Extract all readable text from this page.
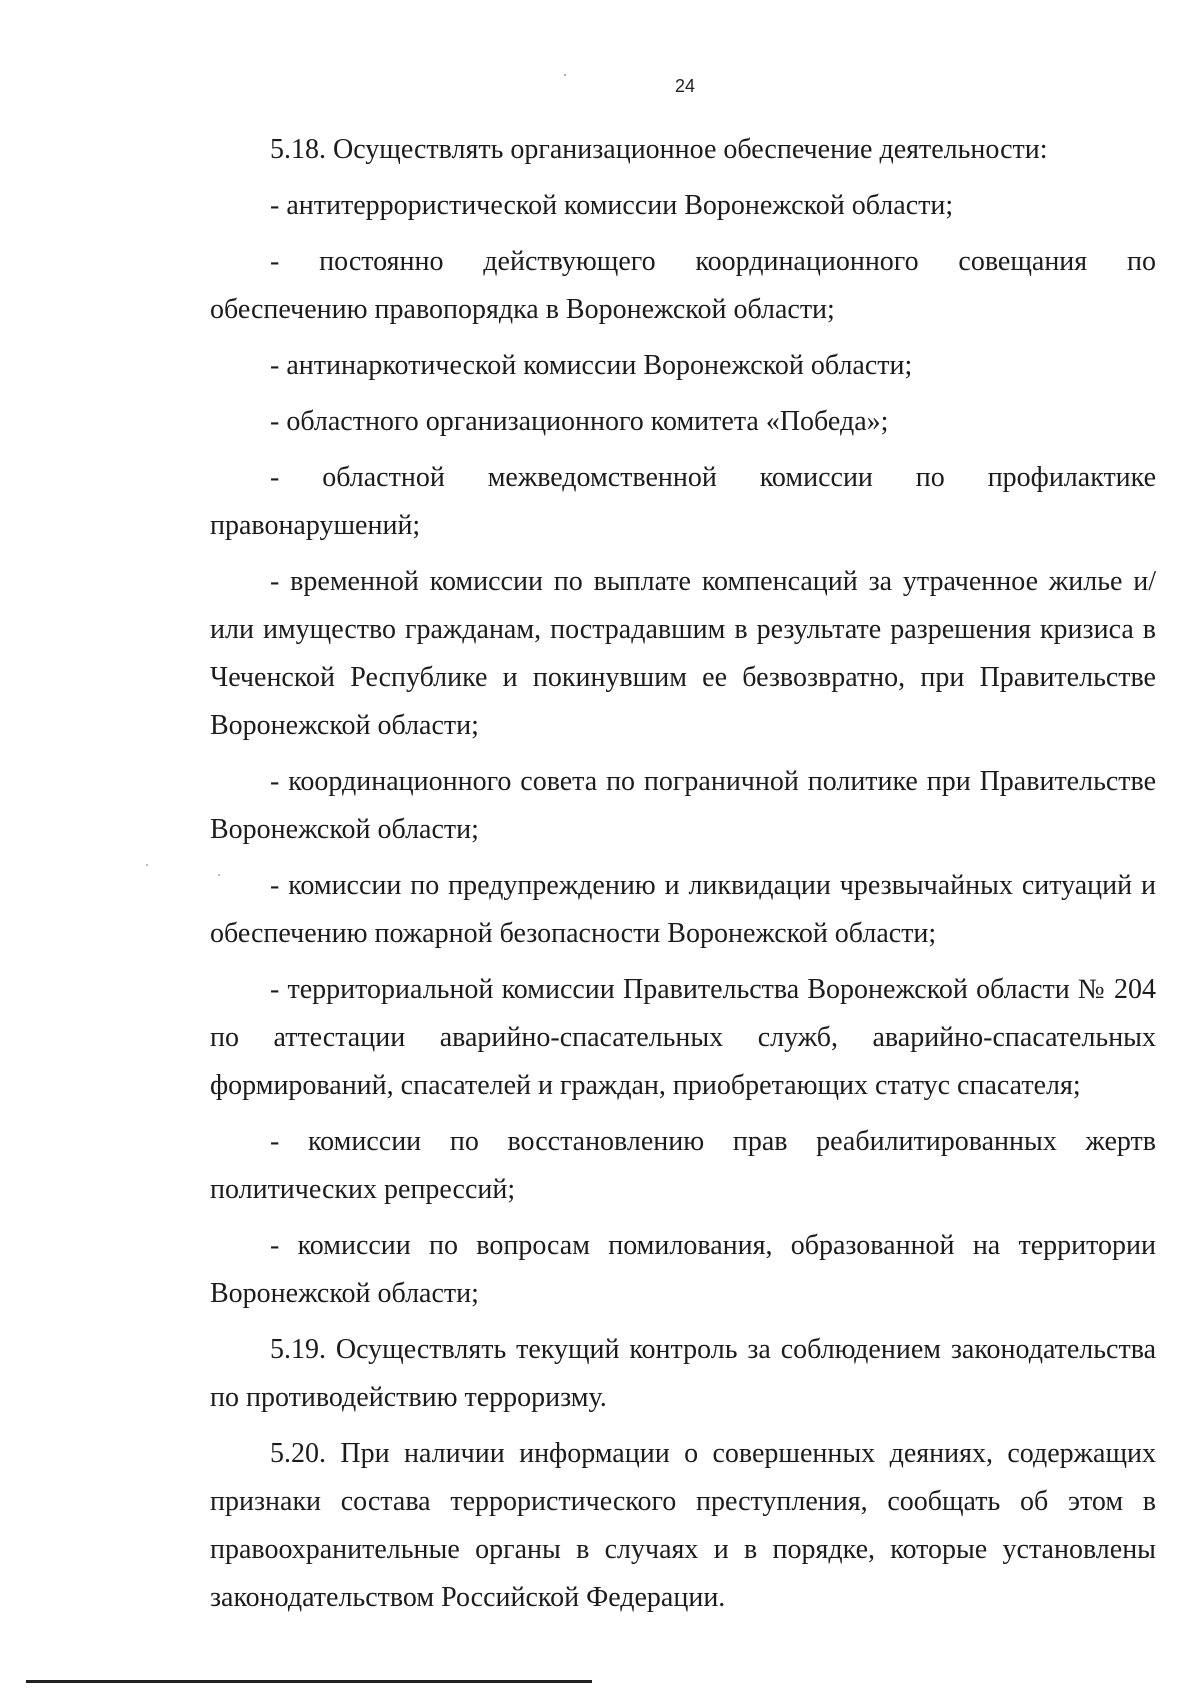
24

5.18. Осуществлять организационное обеспечение деятельности:

- антитеррористической комиссии Воронежской области;

- постоянно действующего координационного совещания по обеспечению правопорядка в Воронежской области;

- антинаркотической комиссии Воронежской области;

- областного организационного комитета «Победа»;

- областной межведомственной комиссии по профилактике правонарушений;

- временной комиссии по выплате компенсаций за утраченное жилье и/или имущество гражданам, пострадавшим в результате разрешения кризиса в Чеченской Республике и покинувшим ее безвозвратно, при Правительстве Воронежской области;

- координационного совета по пограничной политике при Правительстве Воронежской области;

- комиссии по предупреждению и ликвидации чрезвычайных ситуаций и обеспечению пожарной безопасности Воронежской области;

- территориальной комиссии Правительства Воронежской области № 204 по аттестации аварийно-спасательных служб, аварийно-спасательных формирований, спасателей и граждан, приобретающих статус спасателя;

- комиссии по восстановлению прав реабилитированных жертв политических репрессий;

- комиссии по вопросам помилования, образованной на территории Воронежской области;

5.19. Осуществлять текущий контроль за соблюдением законодательства по противодействию терроризму.

5.20. При наличии информации о совершенных деяниях, содержащих признаки состава террористического преступления, сообщать об этом в правоохранительные органы в случаях и в порядке, которые установлены законодательством Российской Федерации.
